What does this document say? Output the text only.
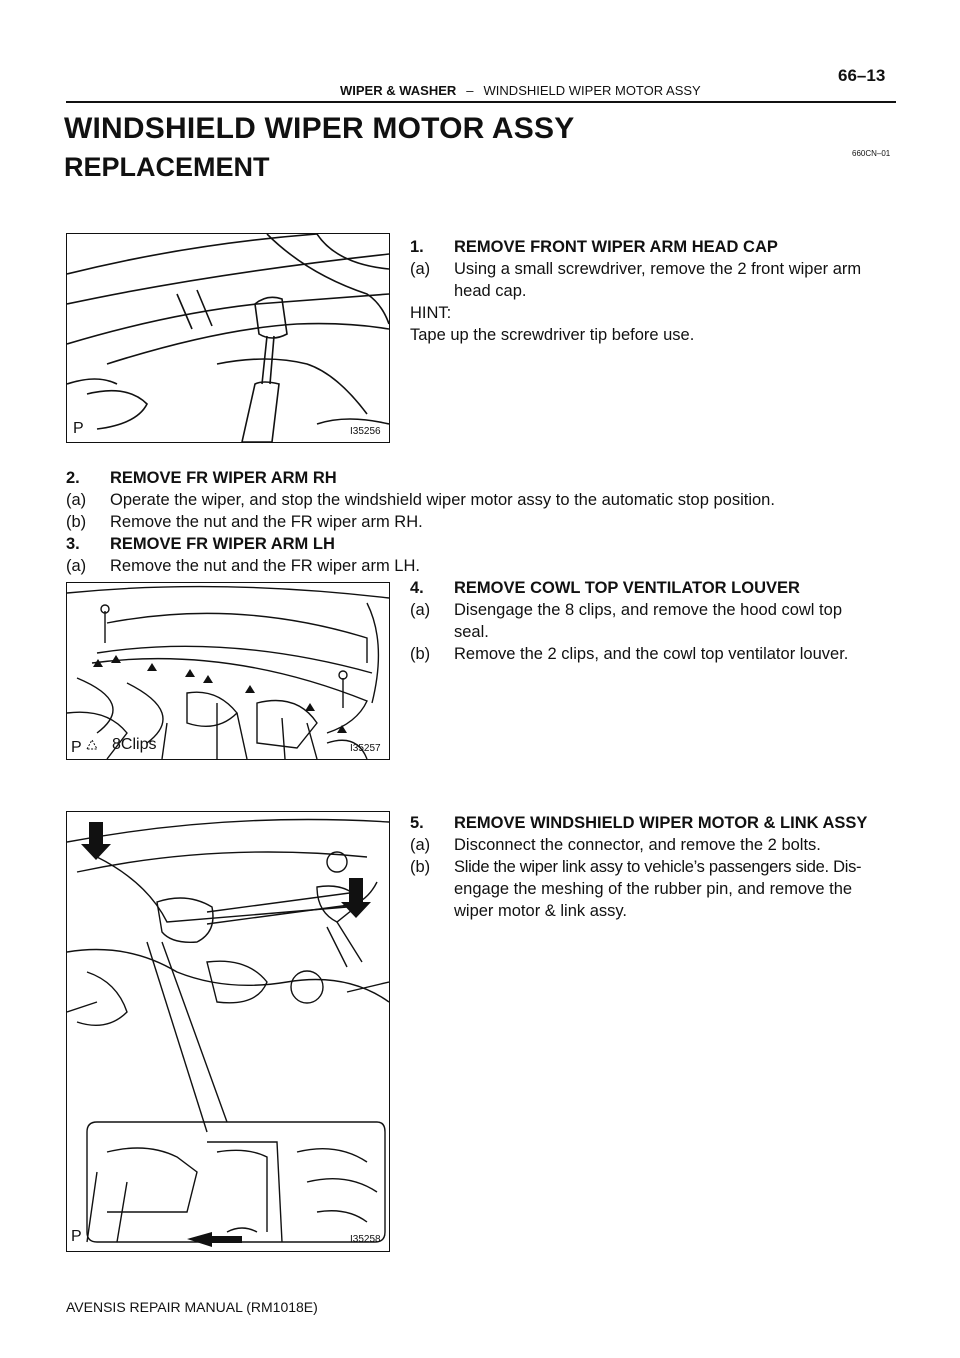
66–13
WIPER & WASHER – WINDSHIELD WIPER MOTOR ASSY
WINDSHIELD WIPER MOTOR ASSY
REPLACEMENT	660CN–01
P	I35256
1. REMOVE FRONT WIPER ARM HEAD CAP
(a) Using a small screwdriver, remove the 2 front wiper arm
head cap.
HINT:
Tape up the screwdriver tip before use.
2. REMOVE FR WIPER ARM RH
(a) Operate the wiper, and stop the windshield wiper motor assy to the automatic stop position.
(b) Remove the nut and the FR wiper arm RH.
3. REMOVE FR WIPER ARM LH
(a) Remove the nut and the FR wiper arm LH.
P 8Clips	I35257
4. REMOVE COWL TOP VENTILATOR LOUVER
(a) Disengage the 8 clips, and remove the hood cowl top
seal.
(b) Remove the 2 clips, and the cowl top ventilator louver.
P	I35258
5. REMOVE WINDSHIELD WIPER MOTOR & LINK ASSY
(a) Disconnect the connector, and remove the 2 bolts.
(b) Slide the wiper link assy to vehicle’s passengers side. Dis-
engage the meshing of the rubber pin, and remove the
wiper motor & link assy.
AVENSIS REPAIR MANUAL (RM1018E)
